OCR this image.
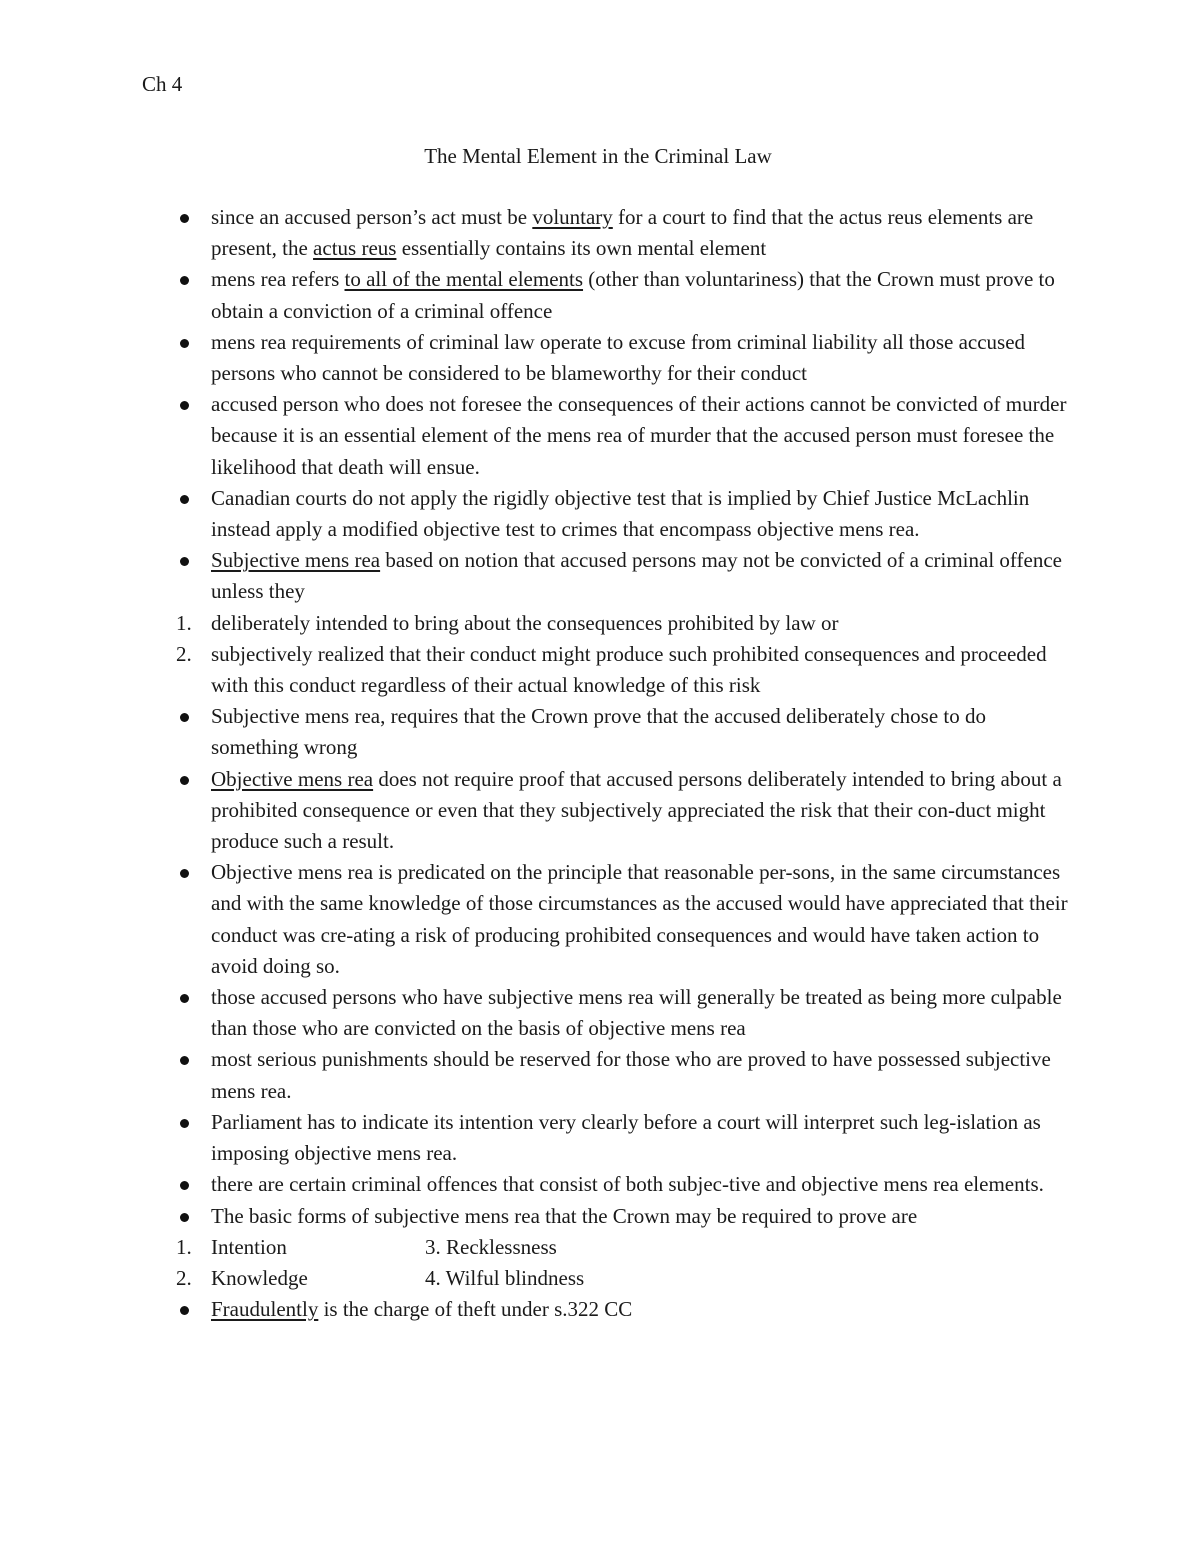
Ch 4
The Mental Element in the Criminal Law
since an accused person’s act must be voluntary for a court to find that the actus reus elements are present, the actus reus essentially contains its own mental element
mens rea refers to all of the mental elements (other than voluntariness) that the Crown must prove to obtain a conviction of a criminal offence
mens rea requirements of criminal law operate to excuse from criminal liability all those accused persons who cannot be considered to be blameworthy for their conduct
accused person who does not foresee the consequences of their actions cannot be convicted of murder because it is an essential element of the mens rea of murder that the accused person must foresee the likelihood that death will ensue.
Canadian courts do not apply the rigidly objective test that is implied by Chief Justice McLachlin instead apply a modified objective test to crimes that encompass objective mens rea.
Subjective mens rea based on notion that accused persons may not be convicted of a criminal offence unless they
1. deliberately intended to bring about the consequences prohibited by law or
2. subjectively realized that their conduct might produce such prohibited consequences and proceeded with this conduct regardless of their actual knowledge of this risk
Subjective mens rea, requires that the Crown prove that the accused deliberately chose to do something wrong
Objective mens rea does not require proof that accused persons deliberately intended to bring about a prohibited consequence or even that they subjectively appreciated the risk that their con-duct might produce such a result.
Objective mens rea is predicated on the principle that reasonable per-sons, in the same circumstances and with the same knowledge of those circumstances as the accused would have appreciated that their conduct was cre-ating a risk of producing prohibited consequences and would have taken action to avoid doing so.
those accused persons who have subjective mens rea will generally be treated as being more culpable than those who are convicted on the basis of objective mens rea
most serious punishments should be reserved for those who are proved to have possessed subjective mens rea.
Parliament has to indicate its intention very clearly before a court will interpret such leg-islation as imposing objective mens rea.
there are certain criminal offences that consist of both subjec-tive and objective mens rea elements.
The basic forms of subjective mens rea that the Crown may be required to prove are
1. Intention	3. Recklessness
2. Knowledge	4. Wilful blindness
Fraudulently is the charge of theft under s.322 CC
